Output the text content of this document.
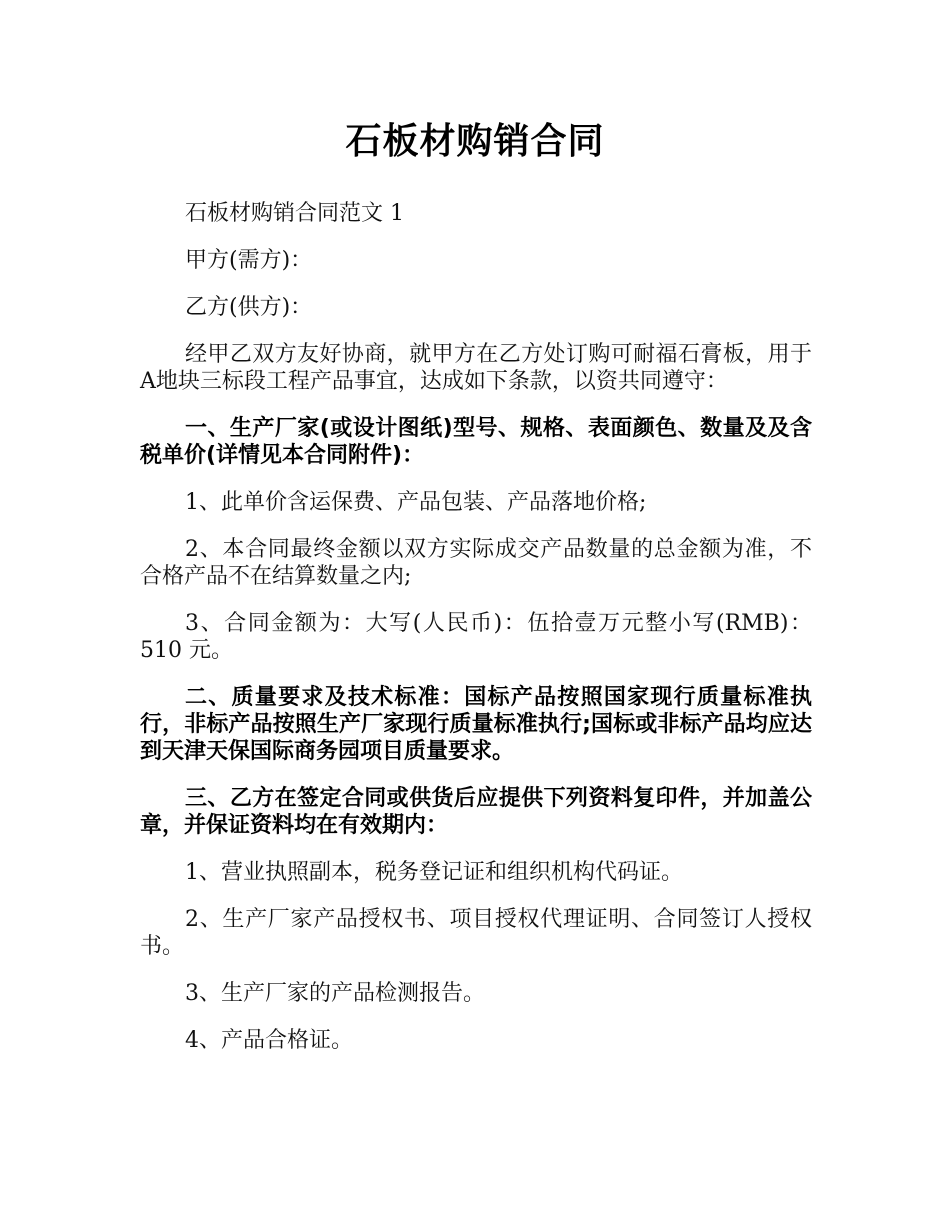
石板材购销合同

石板材购销合同范文 1

甲方(需方)：

乙方(供方)：

经甲乙双方友好协商，就甲方在乙方处订购可耐福石膏板，用于 A地块三标段工程产品事宜，达成如下条款，以资共同遵守：

一、生产厂家(或设计图纸)型号、规格、表面颜色、数量及及含税单价(详情见本合同附件)：

1、此单价含运保费、产品包装、产品落地价格;

2、本合同最终金额以双方实际成交产品数量的总金额为准，不合格产品不在结算数量之内;

3、合同金额为：大写(人民币)：伍拾壹万元整小写(RMB)：510 元。

二、质量要求及技术标准：国标产品按照国家现行质量标准执行，非标产品按照生产厂家现行质量标准执行;国标或非标产品均应达到天津天保国际商务园项目质量要求。

三、乙方在签定合同或供货后应提供下列资料复印件，并加盖公章，并保证资料均在有效期内：

1、营业执照副本，税务登记证和组织机构代码证。

2、生产厂家产品授权书、项目授权代理证明、合同签订人授权书。

3、生产厂家的产品检测报告。

4、产品合格证。
